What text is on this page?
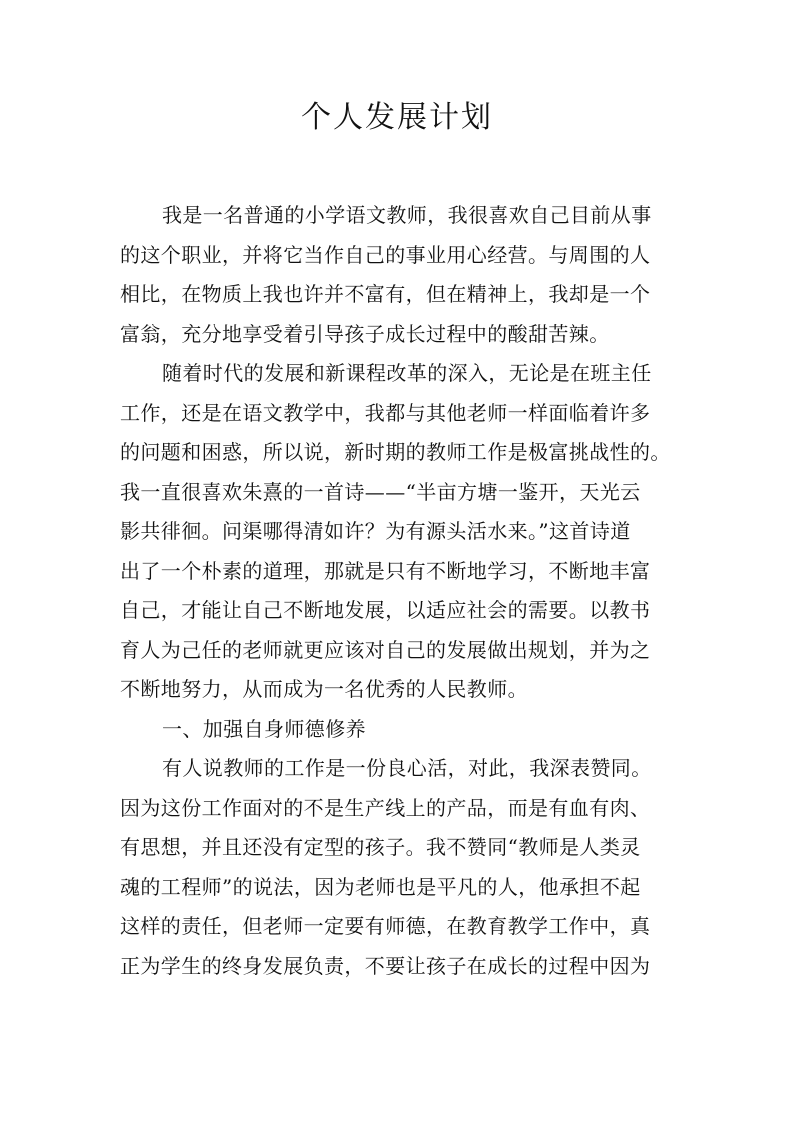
个人发展计划
我是一名普通的小学语文教师，我很喜欢自己目前从事
的这个职业，并将它当作自己的事业用心经营。与周围的人
相比，在物质上我也许并不富有，但在精神上，我却是一个
富翁，充分地享受着引导孩子成长过程中的酸甜苦辣。
随着时代的发展和新课程改革的深入，无论是在班主任
工作，还是在语文教学中，我都与其他老师一样面临着许多
的问题和困惑，所以说，新时期的教师工作是极富挑战性的。
我一直很喜欢朱熹的一首诗——“半亩方塘一鉴开，天光云
影共徘徊。问渠哪得清如许？为有源头活水来。”这首诗道
出了一个朴素的道理，那就是只有不断地学习，不断地丰富
自己，才能让自己不断地发展，以适应社会的需要。以教书
育人为己任的老师就更应该对自己的发展做出规划，并为之
不断地努力，从而成为一名优秀的人民教师。
一、加强自身师德修养
有人说教师的工作是一份良心活，对此，我深表赞同。
因为这份工作面对的不是生产线上的产品，而是有血有肉、
有思想，并且还没有定型的孩子。我不赞同“教师是人类灵
魂的工程师”的说法，因为老师也是平凡的人，他承担不起
这样的责任，但老师一定要有师德，在教育教学工作中，真
正为学生的终身发展负责，不要让孩子在成长的过程中因为
